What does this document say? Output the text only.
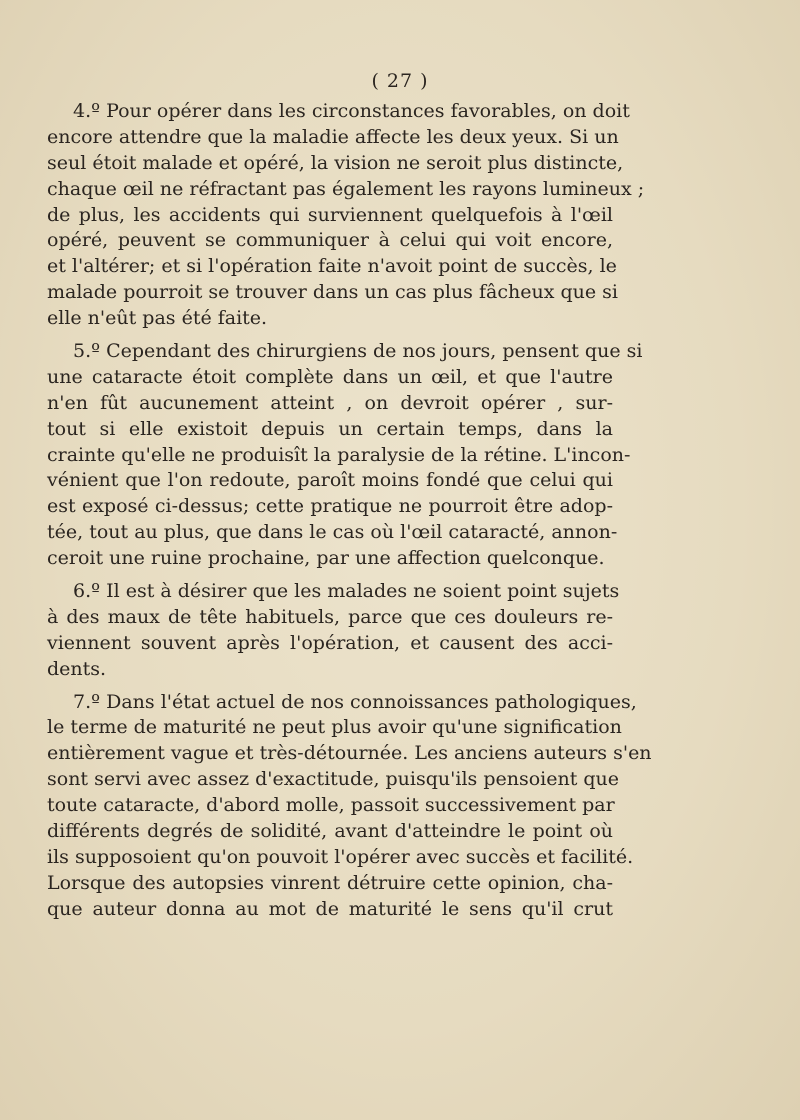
( 27 )
4.º Pour opérer dans les circonstances favorables, on doit
encore attendre que la maladie affecte les deux yeux. Si un
seul étoit malade et opéré, la vision ne seroit plus distincte,
chaque œil ne réfractant pas également les rayons lumineux ;
de plus, les accidents qui surviennent quelquefois à l'œil
opéré, peuvent se communiquer à celui qui voit encore,
et l'altérer; et si l'opération faite n'avoit point de succès, le
malade pourroit se trouver dans un cas plus fâcheux que si
elle n'eût pas été faite.
5.º Cependant des chirurgiens de nos jours, pensent que si
une cataracte étoit complète dans un œil, et que l'autre
n'en fût aucunement atteint , on devroit opérer , sur-
tout si elle existoit depuis un certain temps, dans la
crainte qu'elle ne produisît la paralysie de la rétine. L'incon-
vénient que l'on redoute, paroît moins fondé que celui qui
est exposé ci-dessus; cette pratique ne pourroit être adop-
tée, tout au plus, que dans le cas où l'œil cataracté, annon-
ceroit une ruine prochaine, par une affection quelconque.
6.º Il est à désirer que les malades ne soient point sujets
à des maux de tête habituels, parce que ces douleurs re-
viennent souvent après l'opération, et causent des acci-
dents.
7.º Dans l'état actuel de nos connoissances pathologiques,
le terme de maturité ne peut plus avoir qu'une signification
entièrement vague et très-détournée. Les anciens auteurs s'en
sont servi avec assez d'exactitude, puisqu'ils pensoient que
toute cataracte, d'abord molle, passoit successivement par
différents degrés de solidité, avant d'atteindre le point où
ils supposoient qu'on pouvoit l'opérer avec succès et facilité.
Lorsque des autopsies vinrent détruire cette opinion, cha-
que auteur donna au mot de maturité le sens qu'il crut
